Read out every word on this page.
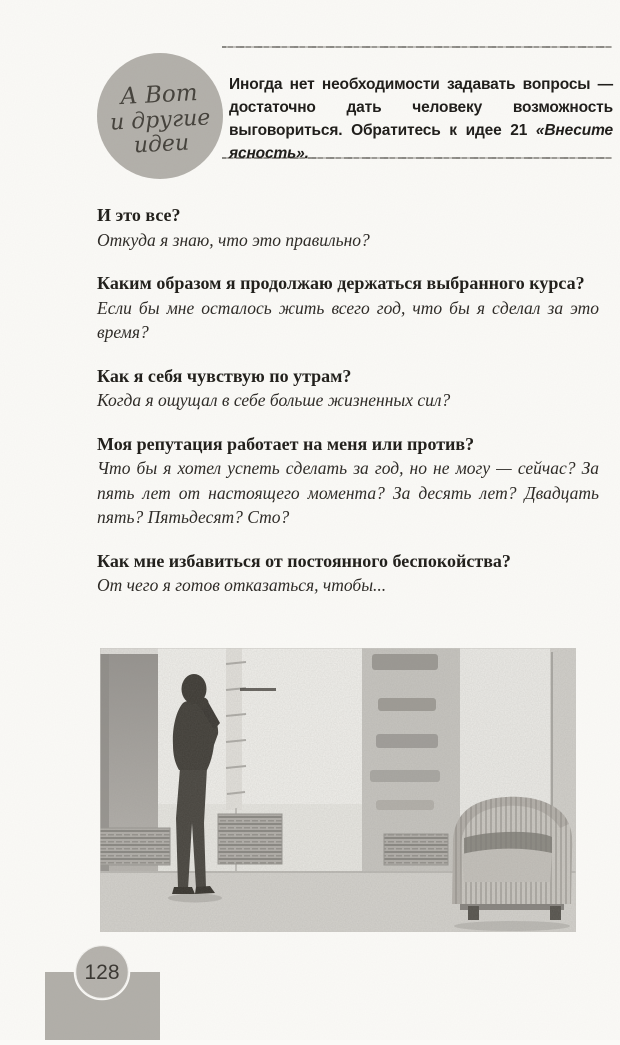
А Вот
и другие
идеи

Иногда нет необходимости задавать вопросы — достаточно дать человеку возможность выговориться. Обратитесь к идее 21 «Внесите ясность».

И это все?

Откуда я знаю, что это правильно?

Каким образом я продолжаю держаться выбранного курса?

Если бы мне осталось жить всего год, что бы я сделал за это время?

Как я себя чувствую по утрам?

Когда я ощущал в себе больше жизненных сил?

Моя репутация работает на меня или против?

Что бы я хотел успеть сделать за год, но не могу — сейчас? За пять лет от настоящего момента? За десять лет? Двадцать пять? Пятьдесят? Сто?

Как мне избавиться от постоянного беспокойства?

От чего я готов отказаться, чтобы...

128
